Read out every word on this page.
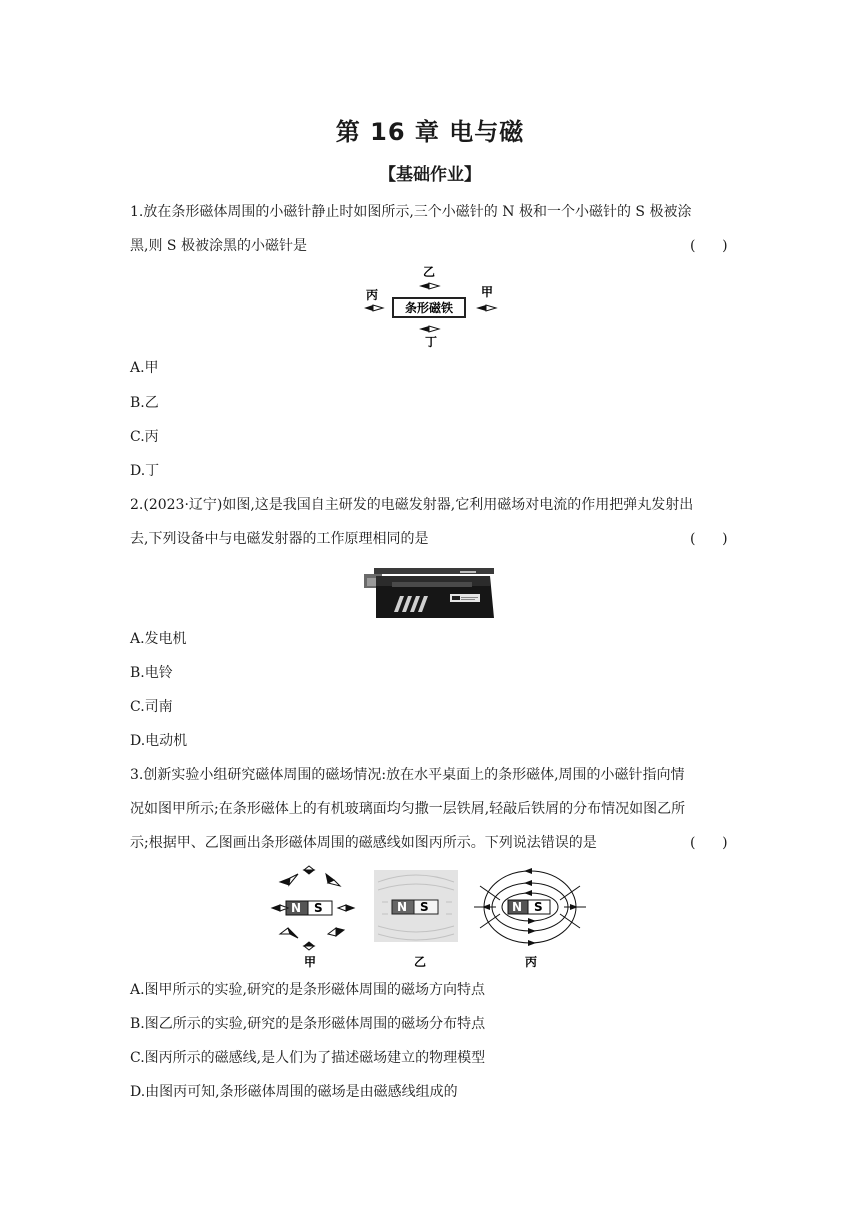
第 16 章 电与磁
【基础作业】
1.放在条形磁体周围的小磁针静止时如图所示,三个小磁针的 N 极和一个小磁针的 S 极被涂
黑,则 S 极被涂黑的小磁针是	(      )
条形磁铁
乙
丁
丙	甲
A.甲
B.乙
C.丙
D.丁
2.(2023·辽宁)如图,这是我国自主研发的电磁发射器,它利用磁场对电流的作用把弹丸发射出
去,下列设备中与电磁发射器的工作原理相同的是	(      )
A.发电机
B.电铃
C.司南
D.电动机
3.创新实验小组研究磁体周围的磁场情况:放在水平桌面上的条形磁体,周围的小磁针指向情
况如图甲所示;在条形磁体上的有机玻璃面均匀撒一层铁屑,轻敲后铁屑的分布情况如图乙所
示;根据甲、乙图画出条形磁体周围的磁感线如图丙所示。下列说法错误的是	(      )
N S	N S	N S
甲	乙	丙
A.图甲所示的实验,研究的是条形磁体周围的磁场方向特点
B.图乙所示的实验,研究的是条形磁体周围的磁场分布特点
C.图丙所示的磁感线,是人们为了描述磁场建立的物理模型
D.由图丙可知,条形磁体周围的磁场是由磁感线组成的
